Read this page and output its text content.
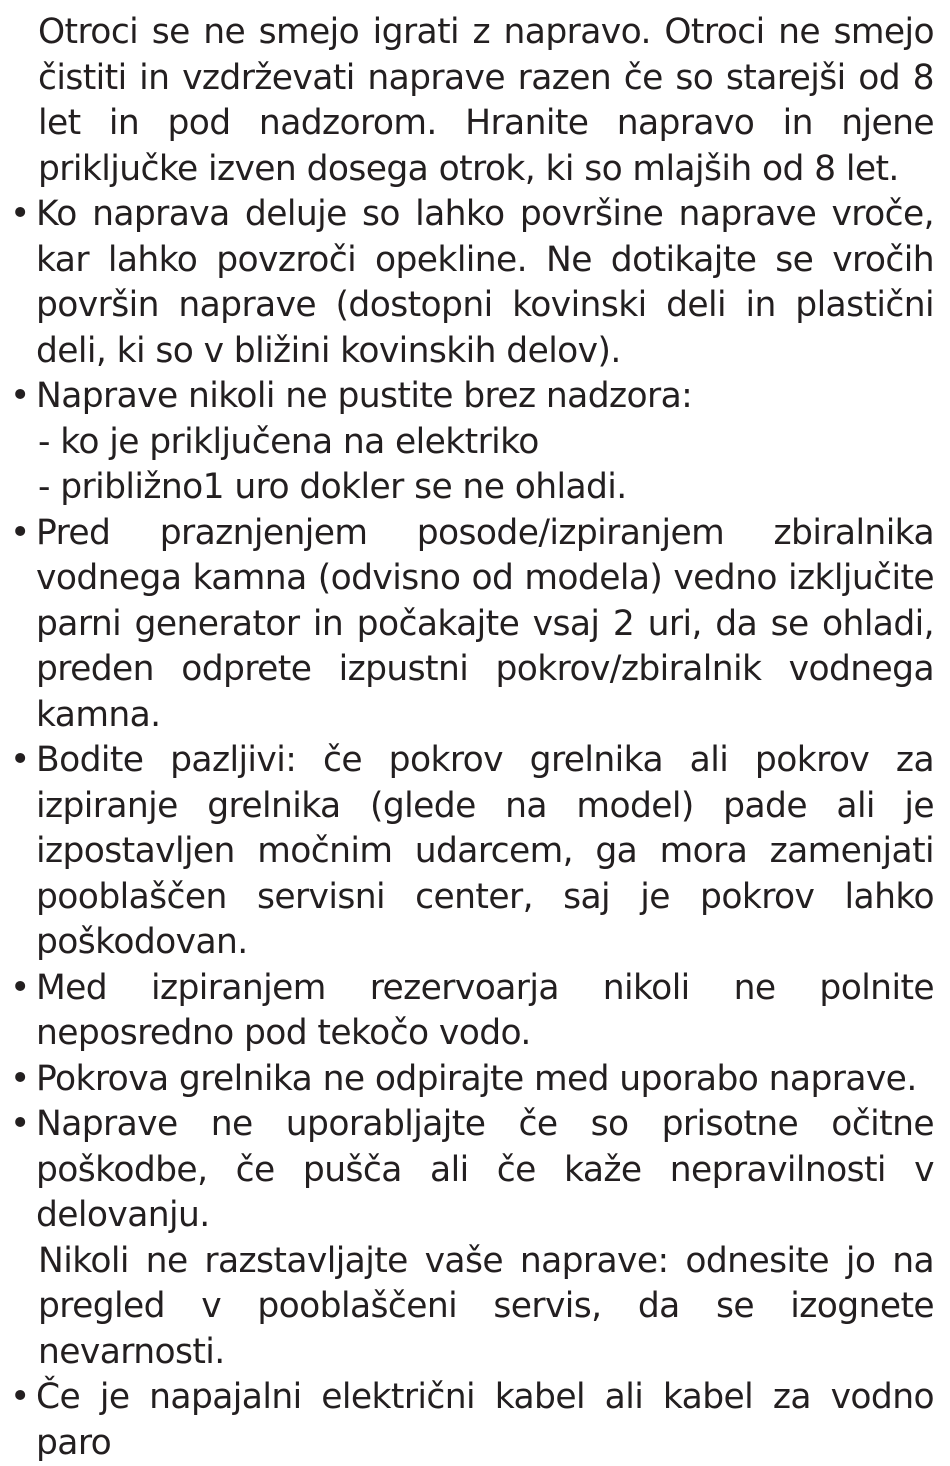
Otroci se ne smejo igrati z napravo. Otroci ne smejo čistiti in vzdrževati naprave razen če so starejši od 8 let in pod nadzorom. Hranite napravo in njene priključke izven dosega otrok, ki so mlajših od 8 let.

• Ko naprava deluje so lahko površine naprave vroče, kar lahko povzroči opekline. Ne dotikajte se vročih površin naprave (dostopni kovinski deli in plastični deli, ki so v bližini kovinskih delov).
• Naprave nikoli ne pustite brez nadzora:

- ko je priključena na elektriko

- približno1 uro dokler se ne ohladi.

• Pred praznjenjem posode/izpiranjem zbiralnika vodnega kamna (odvisno od modela) vedno izključite parni generator in počakajte vsaj 2 uri, da se ohladi, preden odprete izpustni pokrov/zbiralnik vodnega kamna.
• Bodite pazljivi: če pokrov grelnika ali pokrov za izpiranje grelnika (glede na model) pade ali je izpostavljen močnim udarcem, ga mora zamenjati pooblaščen servisni center, saj je pokrov lahko poškodovan.
• Med izpiranjem rezervoarja nikoli ne polnite neposredno pod tekočo vodo.
• Pokrova grelnika ne odpirajte med uporabo naprave.
• Naprave ne uporabljajte če so prisotne očitne poškodbe, če pušča ali če kaže nepravilnosti v delovanju.

Nikoli ne razstavljajte vaše naprave: odnesite jo na pregled v pooblaščeni servis, da se izognete nevarnosti.

• Če je napajalni električni kabel ali kabel za vodno paro
